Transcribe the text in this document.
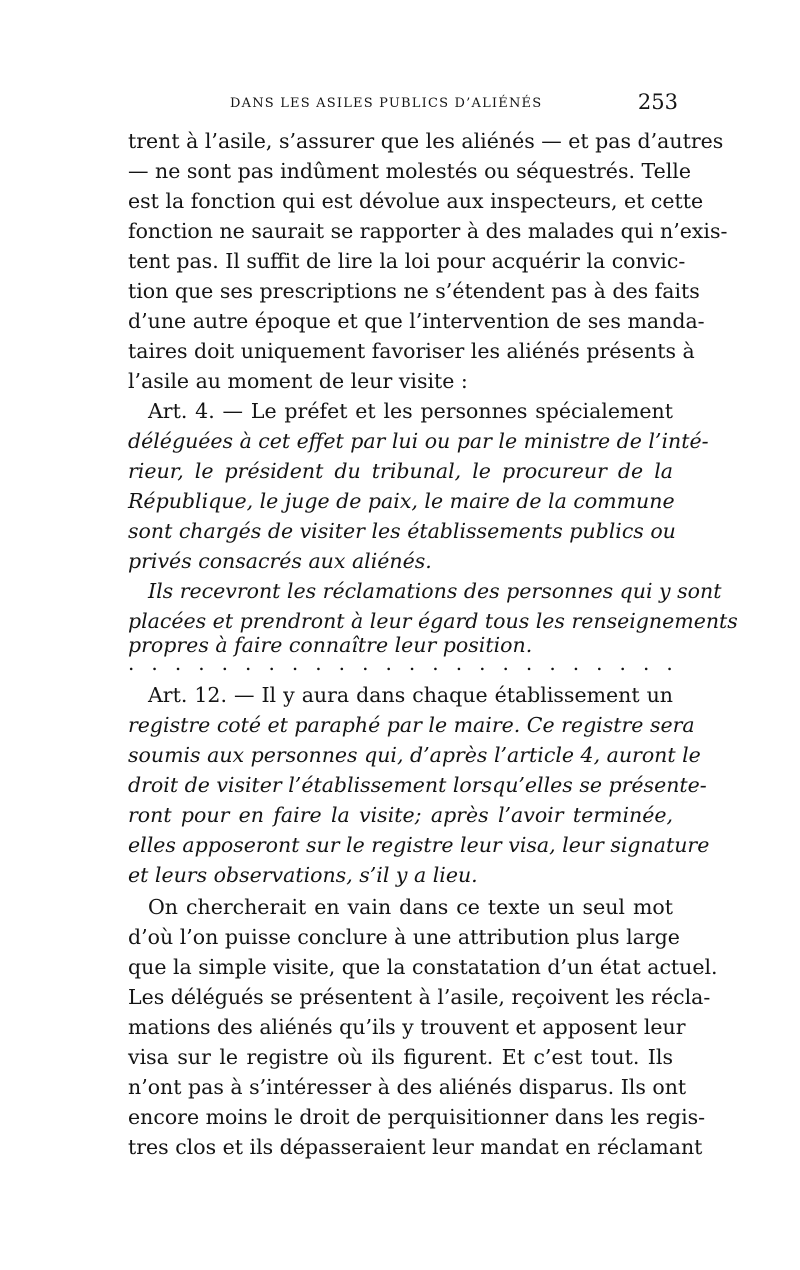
DANS LES ASILES PUBLICS D’ALIÉNÉS	253
trent à l’asile, s’assurer que les aliénés — et pas d’autres
— ne sont pas indûment molestés ou séquestrés. Telle
est la fonction qui est dévolue aux inspecteurs, et cette
fonction ne saurait se rapporter à des malades qui n’exis-
tent pas. Il suffit de lire la loi pour acquérir la convic-
tion que ses prescriptions ne s’étendent pas à des faits
d’une autre époque et que l’intervention de ses manda-
taires doit uniquement favoriser les aliénés présents à
l’asile au moment de leur visite :
Art. 4. — Le préfet et les personnes spécialement
déléguées à cet effet par lui ou par le ministre de l’inté-
rieur, le président du tribunal, le procureur de la
République, le juge de paix, le maire de la commune
sont chargés de visiter les établissements publics ou
privés consacrés aux aliénés.
Ils recevront les réclamations des personnes qui y sont
placées et prendront à leur égard tous les renseignements
propres à faire connaître leur position.
. . . . . . . . . . . . . . . . . . . . . . . .
Art. 12. — Il y aura dans chaque établissement un
registre coté et paraphé par le maire. Ce registre sera
soumis aux personnes qui, d’après l’article 4, auront le
droit de visiter l’établissement lorsqu’elles se présente-
ront pour en faire la visite; après l’avoir terminée,
elles apposeront sur le registre leur visa, leur signature
et leurs observations, s’il y a lieu.
On chercherait en vain dans ce texte un seul mot
d’où l’on puisse conclure à une attribution plus large
que la simple visite, que la constatation d’un état actuel.
Les délégués se présentent à l’asile, reçoivent les récla-
mations des aliénés qu’ils y trouvent et apposent leur
visa sur le registre où ils figurent. Et c’est tout. Ils
n’ont pas à s’intéresser à des aliénés disparus. Ils ont
encore moins le droit de perquisitionner dans les regis-
tres clos et ils dépasseraient leur mandat en réclamant
